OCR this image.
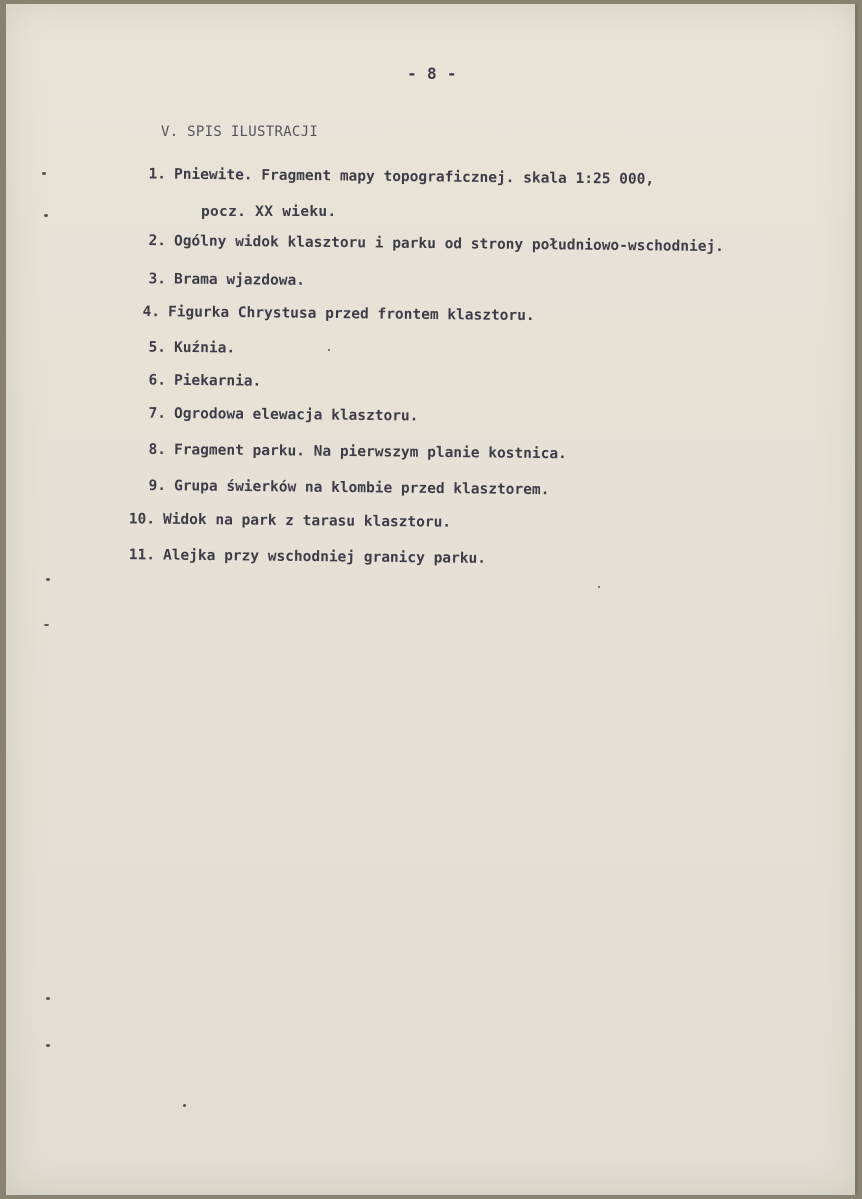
- 8 -
V. SPIS ILUSTRACJI
1. Pniewite. Fragment mapy topograficznej. skala 1:25 000,
pocz. XX wieku.
2. Ogólny widok klasztoru i parku od strony południowo-wschodniej.
3. Brama wjazdowa.
4. Figurka Chrystusa przed frontem klasztoru.
5. Kuźnia.
6. Piekarnia.
7. Ogrodowa elewacja klasztoru.
8. Fragment parku. Na pierwszym planie kostnica.
9. Grupa świerków na klombie przed klasztorem.
10. Widok na park z tarasu klasztoru.
11. Alejka przy wschodniej granicy parku.
